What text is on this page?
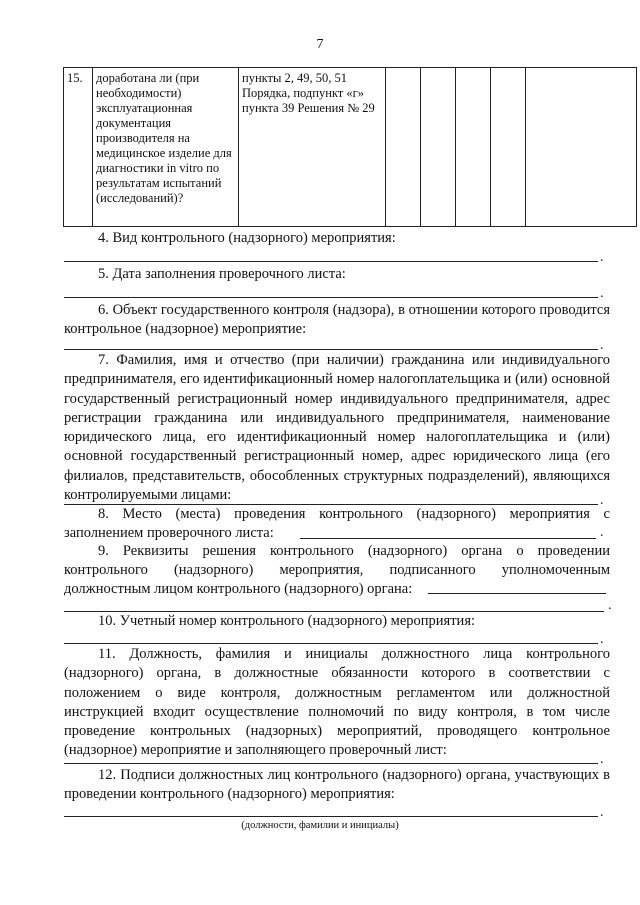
7
15.	доработана ли (при необходимости) эксплуатационная документация производителя на медицинское изделие для диагностики in vitro по результатам испытаний (исследований)?	пункты 2, 49, 50, 51 Порядка, подпункт «г» пункта 39 Решения № 29					

4. Вид контрольного (надзорного) мероприятия:

.

5. Дата заполнения проверочного листа:

.

6. Объект государственного контроля (надзора), в отношении которого проводится контрольное (надзорное) мероприятие:

.

7. Фамилия, имя и отчество (при наличии) гражданина или индивидуального предпринимателя, его идентификационный номер налогоплательщика и (или) основной государственный регистрационный номер индивидуального предпринимателя, адрес регистрации гражданина или индивидуального предпринимателя, наименование юридического лица, его идентификационный номер налогоплательщика и (или) основной государственный регистрационный номер, адрес юридического лица (его филиалов, представительств, обособленных структурных подразделений), являющихся контролируемыми лицами:	.

8. Место (места) проведения контрольного (надзорного) мероприятия с заполнением проверочного листа:	.

9. Реквизиты решения контрольного (надзорного) органа о проведении контрольного (надзорного) мероприятия, подписанного уполномоченным

должностным лицом контрольного (надзорного) органа:

.

10. Учетный номер контрольного (надзорного) мероприятия:

.

11. Должность, фамилия и инициалы должностного лица контрольного (надзорного) органа, в должностные обязанности которого в соответствии с положением о виде контроля, должностным регламентом или должностной инструкцией входит осуществление полномочий по виду контроля, в том числе проведение контрольных (надзорных) мероприятий, проводящего контрольное (надзорное) мероприятие и заполняющего проверочный лист:

.

12. Подписи должностных лиц контрольного (надзорного) органа, участвующих в проведении контрольного (надзорного) мероприятия:

.
(должности, фамилии и инициалы)
